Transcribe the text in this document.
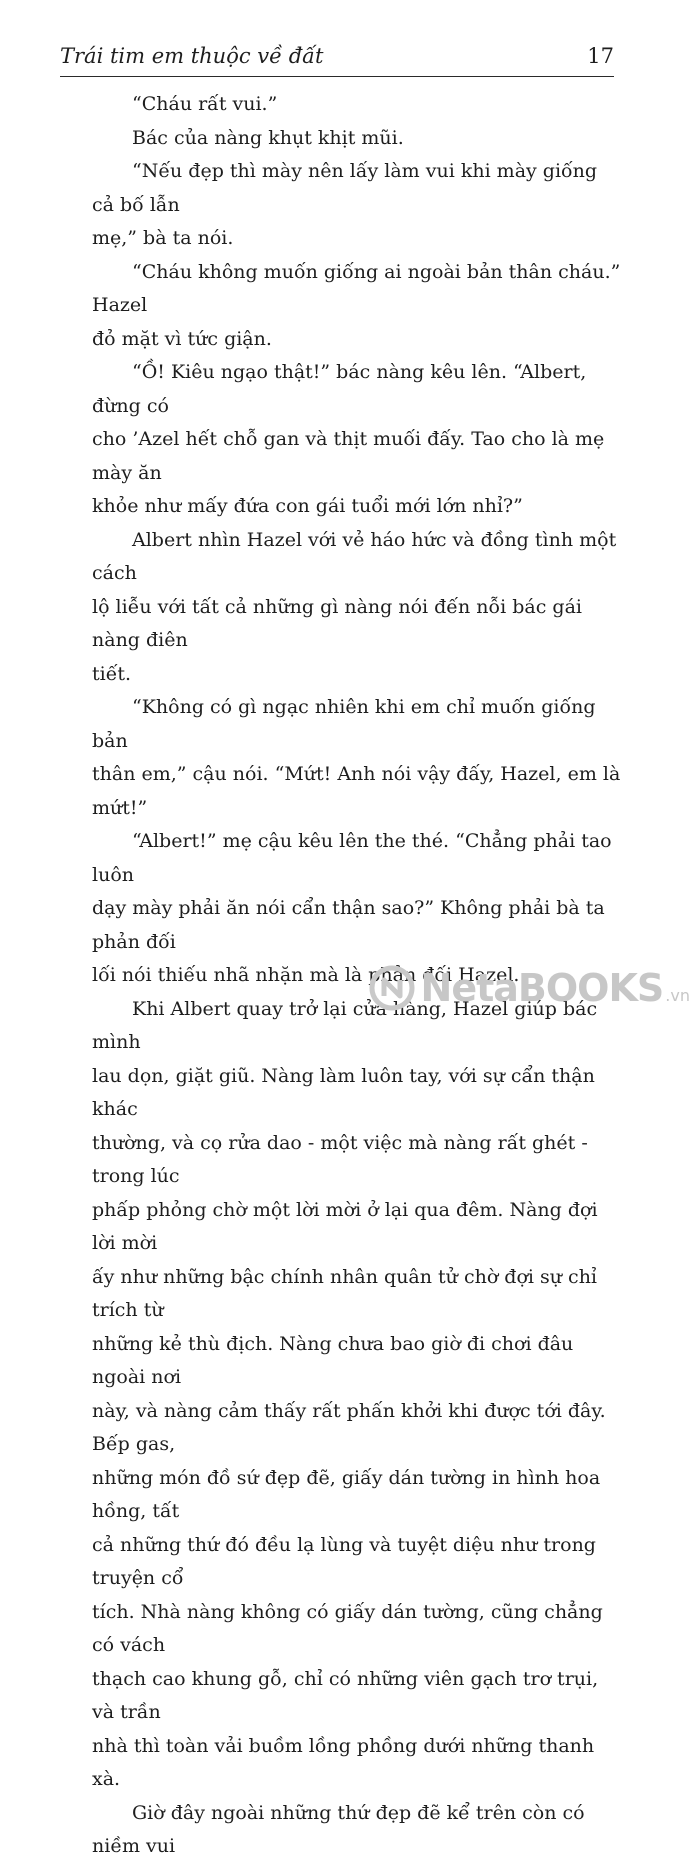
Trái tim em thuộc về đất	17

“Cháu rất vui.”

Bác của nàng khụt khịt mũi.

“Nếu đẹp thì mày nên lấy làm vui khi mày giống cả bố lẫn

mẹ,” bà ta nói.

“Cháu không muốn giống ai ngoài bản thân cháu.” Hazel

đỏ mặt vì tức giận.

“Ồ! Kiêu ngạo thật!” bác nàng kêu lên. “Albert, đừng có

cho ’Azel hết chỗ gan và thịt muối đấy. Tao cho là mẹ mày ăn

khỏe như mấy đứa con gái tuổi mới lớn nhỉ?”

Albert nhìn Hazel với vẻ háo hức và đồng tình một cách

lộ liễu với tất cả những gì nàng nói đến nỗi bác gái nàng điên

tiết.

“Không có gì ngạc nhiên khi em chỉ muốn giống bản

thân em,” cậu nói. “Mứt! Anh nói vậy đấy, Hazel, em là mứt!”

“Albert!” mẹ cậu kêu lên the thé. “Chẳng phải tao luôn

dạy mày phải ăn nói cẩn thận sao?” Không phải bà ta phản đối

lối nói thiếu nhã nhặn mà là phản đối Hazel.

Khi Albert quay trở lại cửa hàng, Hazel giúp bác mình

lau dọn, giặt giũ. Nàng làm luôn tay, với sự cẩn thận khác

thường, và cọ rửa dao - một việc mà nàng rất ghét - trong lúc

phấp phỏng chờ một lời mời ở lại qua đêm. Nàng đợi lời mời

ấy như những bậc chính nhân quân tử chờ đợi sự chỉ trích từ

những kẻ thù địch. Nàng chưa bao giờ đi chơi đâu ngoài nơi

này, và nàng cảm thấy rất phấn khởi khi được tới đây. Bếp gas,

những món đồ sứ đẹp đẽ, giấy dán tường in hình hoa hồng, tất

cả những thứ đó đều lạ lùng và tuyệt diệu như trong truyện cổ

tích. Nhà nàng không có giấy dán tường, cũng chẳng có vách

thạch cao khung gỗ, chỉ có những viên gạch trơ trụi, và trần

nhà thì toàn vải buồm lồng phồng dưới những thanh xà.

Giờ đây ngoài những thứ đẹp đẽ kể trên còn có niềm vui

NetaBOOKS .vn
